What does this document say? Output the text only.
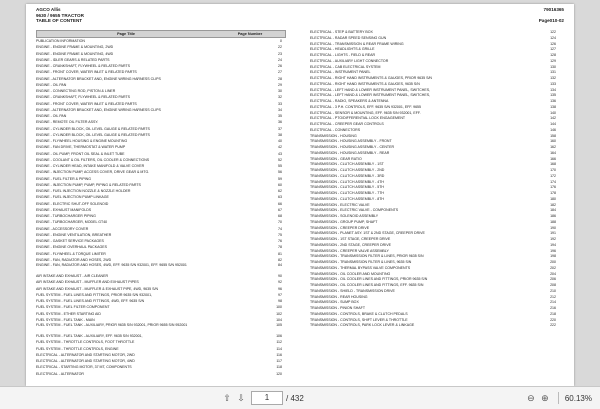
AGCO Allis
9630 / 9655 TRACTOR
TABLE OF CONTENT
79016365
Page010-02
Page Title	Page Number
PUBLICATION INFORMATION	0
ENGINE - ENGINE FRAME & MOUNTING, 2WD	22
ENGINE - ENGINE FRAME & MOUNTING, 4WD	23
ENGINE - IDLER GEARS & RELATED PARTS	24
ENGINE - CRANKSHAFT, FLYWHEEL & RELATED PARTS	26
ENGINE - FRONT COVER, WATER INLET & RELATED PARTS	27
ENGINE - ALTERNATOR BRACKET AND, ENGINE WIRING HARNESS CLIPS	28
ENGINE - OIL PAN	29
ENGINE - CONNECTING ROD, PISTON & LINER	30
ENGINE - CRANKSHAFT, FLYWHEEL & RELATED PARTS	32
ENGINE - FRONT COVER, WATER INLET & RELATED PARTS	33
ENGINE - ALTERNATOR BRACKET AND, ENGINE WIRING HARNESS CLIPS	34
ENGINE - OIL PAN	35
ENGINE - REMOTE OIL FILTER ASSY.	36
ENGINE - CYLINDER BLOCK, OIL LEVEL GAUGE & RELATED PARTS	37
ENGINE - CYLINDER BLOCK, OIL LEVEL GAUGE & RELATED PARTS	38
ENGINE - FLYWHEEL HOUSING & ENGINE MOUNTING	40
ENGINE - FAN DRIVE, THERMOSTAT & WATER PUMP	42
ENGINE - OIL PUMP, FRONT OIL SEAL & INLET TUBE	43
ENGINE - COOLANT & OIL FILTERS, OIL COOLER & CONNECTIONS	52
ENGINE - CYLINDER HEAD, INTAKE MANIFOLD & VALVE COVER	55
ENGINE - INJECTION PUMP, ACCESS COVER, DRIVE GEAR & MTG.	56
ENGINE - FUEL FILTER & PIPING	59
ENGINE - INJECTION PUMP, PUMP, PIPING & RELATED PARTS	60
ENGINE - FUEL INJECTION NOZZLE & NOZZLE HOLDER	62
ENGINE - FUEL INJECTION PUMP LINKAGE	63
ENGINE - ELECTRIC SHUT-OFF SOLENOID	66
ENGINE - EXHAUST MANIFOLDS	67
ENGINE - TURBOCHARGER PIPING	68
ENGINE - TURBOCHARGER, MODEL GT40	70
ENGINE - ACCESSORY COVER	74
ENGINE - ENGINE VENTILATION, BREATHER	75
ENGINE - GASKET SERVICE PACKAGES	76
ENGINE - ENGINE OVERHAUL PACKAGES	78
ENGINE - FLYWHEEL & TORQUE LIMITER	81
ENGINE - FAN, RADIATOR AND HOSES, 2WD	82
ENGINE - FAN, RADIATOR AND HOSES, 4WD, EFF. 9635 S/N 932001, EFF. 9655 S/N 952001	84
AIR INTAKE AND EXHAUST - AIR CLEANER	90
AIR INTAKE AND EXHAUST - MUFFLER AND EXHAUST PIPES	92
AIR INTAKE AND EXHAUST - MUFFLER & EXHAUST PIPE, 4WD, 9635 S/N	96
FUEL SYSTEM - FUEL LINES AND FITTINGS, PRIOR 9635 S/N 932001,	97
FUEL SYSTEM - FUEL LINES AND FITTINGS, 4WD, EFF. 9635 S/N	98
FUEL SYSTEM - FUEL FILTER COMPONENT	100
FUEL SYSTEM - ETHER STARTING AID	102
FUEL SYSTEM - FUEL TANK - MAIN	104
FUEL SYSTEM - FUEL TANK - AUXILIARY, PRIOR 9635 S/N 932001, PRIOR 9655 S/N 952001	105
FUEL SYSTEM - FUEL TANK - AUXILIARY, EFF. 9635 S/N 932001,	106
FUEL SYSTEM - THROTTLE CONTROLS, FOOT THROTTLE	112
FUEL SYSTEM - THROTTLE CONTROLS, ENGINE	114
ELECTRICAL - ALTERNATOR AND STARTING MOTOR, 2WD	116
ELECTRICAL - ALTERNATOR AND STARTING MOTOR, 4WD	117
ELECTRICAL - STARTING MOTOR, 37 MT, COMPONENTS	118
ELECTRICAL - ALTERNATOR	120
ELECTRICAL - STEP & BATTERY BOX	122
ELECTRICAL - RADAR SPEED SENSING GUN	124
ELECTRICAL - TRANSMISSION & REAR FRAME WIRING	126
ELECTRICAL - HEADLIGHTS & GRILLE	127
ELECTRICAL - LIGHTS - FIELD & REAR	128
ELECTRICAL - AUXILIARY LIGHT CONNECTOR	129
ELECTRICAL - CAB ELECTRICAL SYSTEM	130
ELECTRICAL - INSTRUMENT PANEL	131
ELECTRICAL - RIGHT HAND INSTRUMENTS & GAUGES, PRIOR 9635 S/N	132
ELECTRICAL - RIGHT HAND INSTRUMENTS & GAUGES, 9635 S/N	133
ELECTRICAL - LEFT HAND & LOWER INSTRUMENT PANEL, SWITCHES,	134
ELECTRICAL - LEFT HAND & LOWER INSTRUMENT PANEL, SWITCHES,	135
ELECTRICAL - RADIO, SPEAKERS & ANTENNA	136
ELECTRICAL - 3 P.H. CONTROLS, EFF. 9635 S/N 932001, EFF. 9655	138
ELECTRICAL - SENSOR & MOUNTING, EFF. 9635 S/N 932001, EFF.	140
ELECTRICAL - PTO/DIFFERENTIAL LOCK ENGAGEMENT	142
ELECTRICAL - CREEPER GEAR CONTROLS	144
ELECTRICAL - CONNECTORS	146
TRANSMISSION - HOUSING	158
TRANSMISSION - HOUSING ASSEMBLY - FRONT	160
TRANSMISSION - HOUSING ASSEMBLY - CENTER	162
TRANSMISSION - HOUSING ASSEMBLY - REAR	164
TRANSMISSION - GEAR RATIO	166
TRANSMISSION - CLUTCH ASSEMBLY - 1ST	168
TRANSMISSION - CLUTCH ASSEMBLY - 2ND	170
TRANSMISSION - CLUTCH ASSEMBLY - 3RD	172
TRANSMISSION - CLUTCH ASSEMBLY - 4TH	174
TRANSMISSION - CLUTCH ASSEMBLY - 5TH	176
TRANSMISSION - CLUTCH ASSEMBLY - 7TH	178
TRANSMISSION - CLUTCH ASSEMBLY - 8TH	180
TRANSMISSION - ELECTRIC VALVE	182
TRANSMISSION - ELECTRIC VALVE - COMPONENTS	184
TRANSMISSION - SOLENOID ASSEMBLY	186
TRANSMISSION - GROUP PUMP, SHAFT	188
TRANSMISSION - CREEPER DRIVE	190
TRANSMISSION - PLANET ASY. 1ST & 2ND STAGE, CREEPER DRIVE	191
TRANSMISSION - 1ST STAGE, CREEPER DRIVE	192
TRANSMISSION - 2ND STAGE, CREEPER DRIVE	194
TRANSMISSION - CREEPER VALVE ASSEMBLY	196
TRANSMISSION - TRANSMISSION FILTER & LINES, PRIOR 9635 S/N	198
TRANSMISSION - TRANSMISSION FILTER & LINES, 9635 S/N	200
TRANSMISSION - THERMAL BYPASS VALVE COMPONENTS	202
TRANSMISSION - OIL COOLER AND MOUNTING	204
TRANSMISSION - OIL COOLER LINES AND FITTINGS, PRIOR 9635 S/N	206
TRANSMISSION - OIL COOLER LINES AND FITTINGS, EFF. 9635 S/N	208
TRANSMISSION - SHIELD - TRANSMISSION DRIVE	210
TRANSMISSION - REAR HOUSING	212
TRANSMISSION - SUMP BOX	214
TRANSMISSION - PINION SHAFT	216
TRANSMISSION - CONTROLS, BRAKE & CLUTCH PEDALS	218
TRANSMISSION - CONTROLS, SHIFT LEVER & THROTTLE	220
TRANSMISSION - CONTROLS, PARK LOCK LEVER & LINKAGE	222
⇧ ⇩	1	/ 432	⊖ ⊕	60.13%
